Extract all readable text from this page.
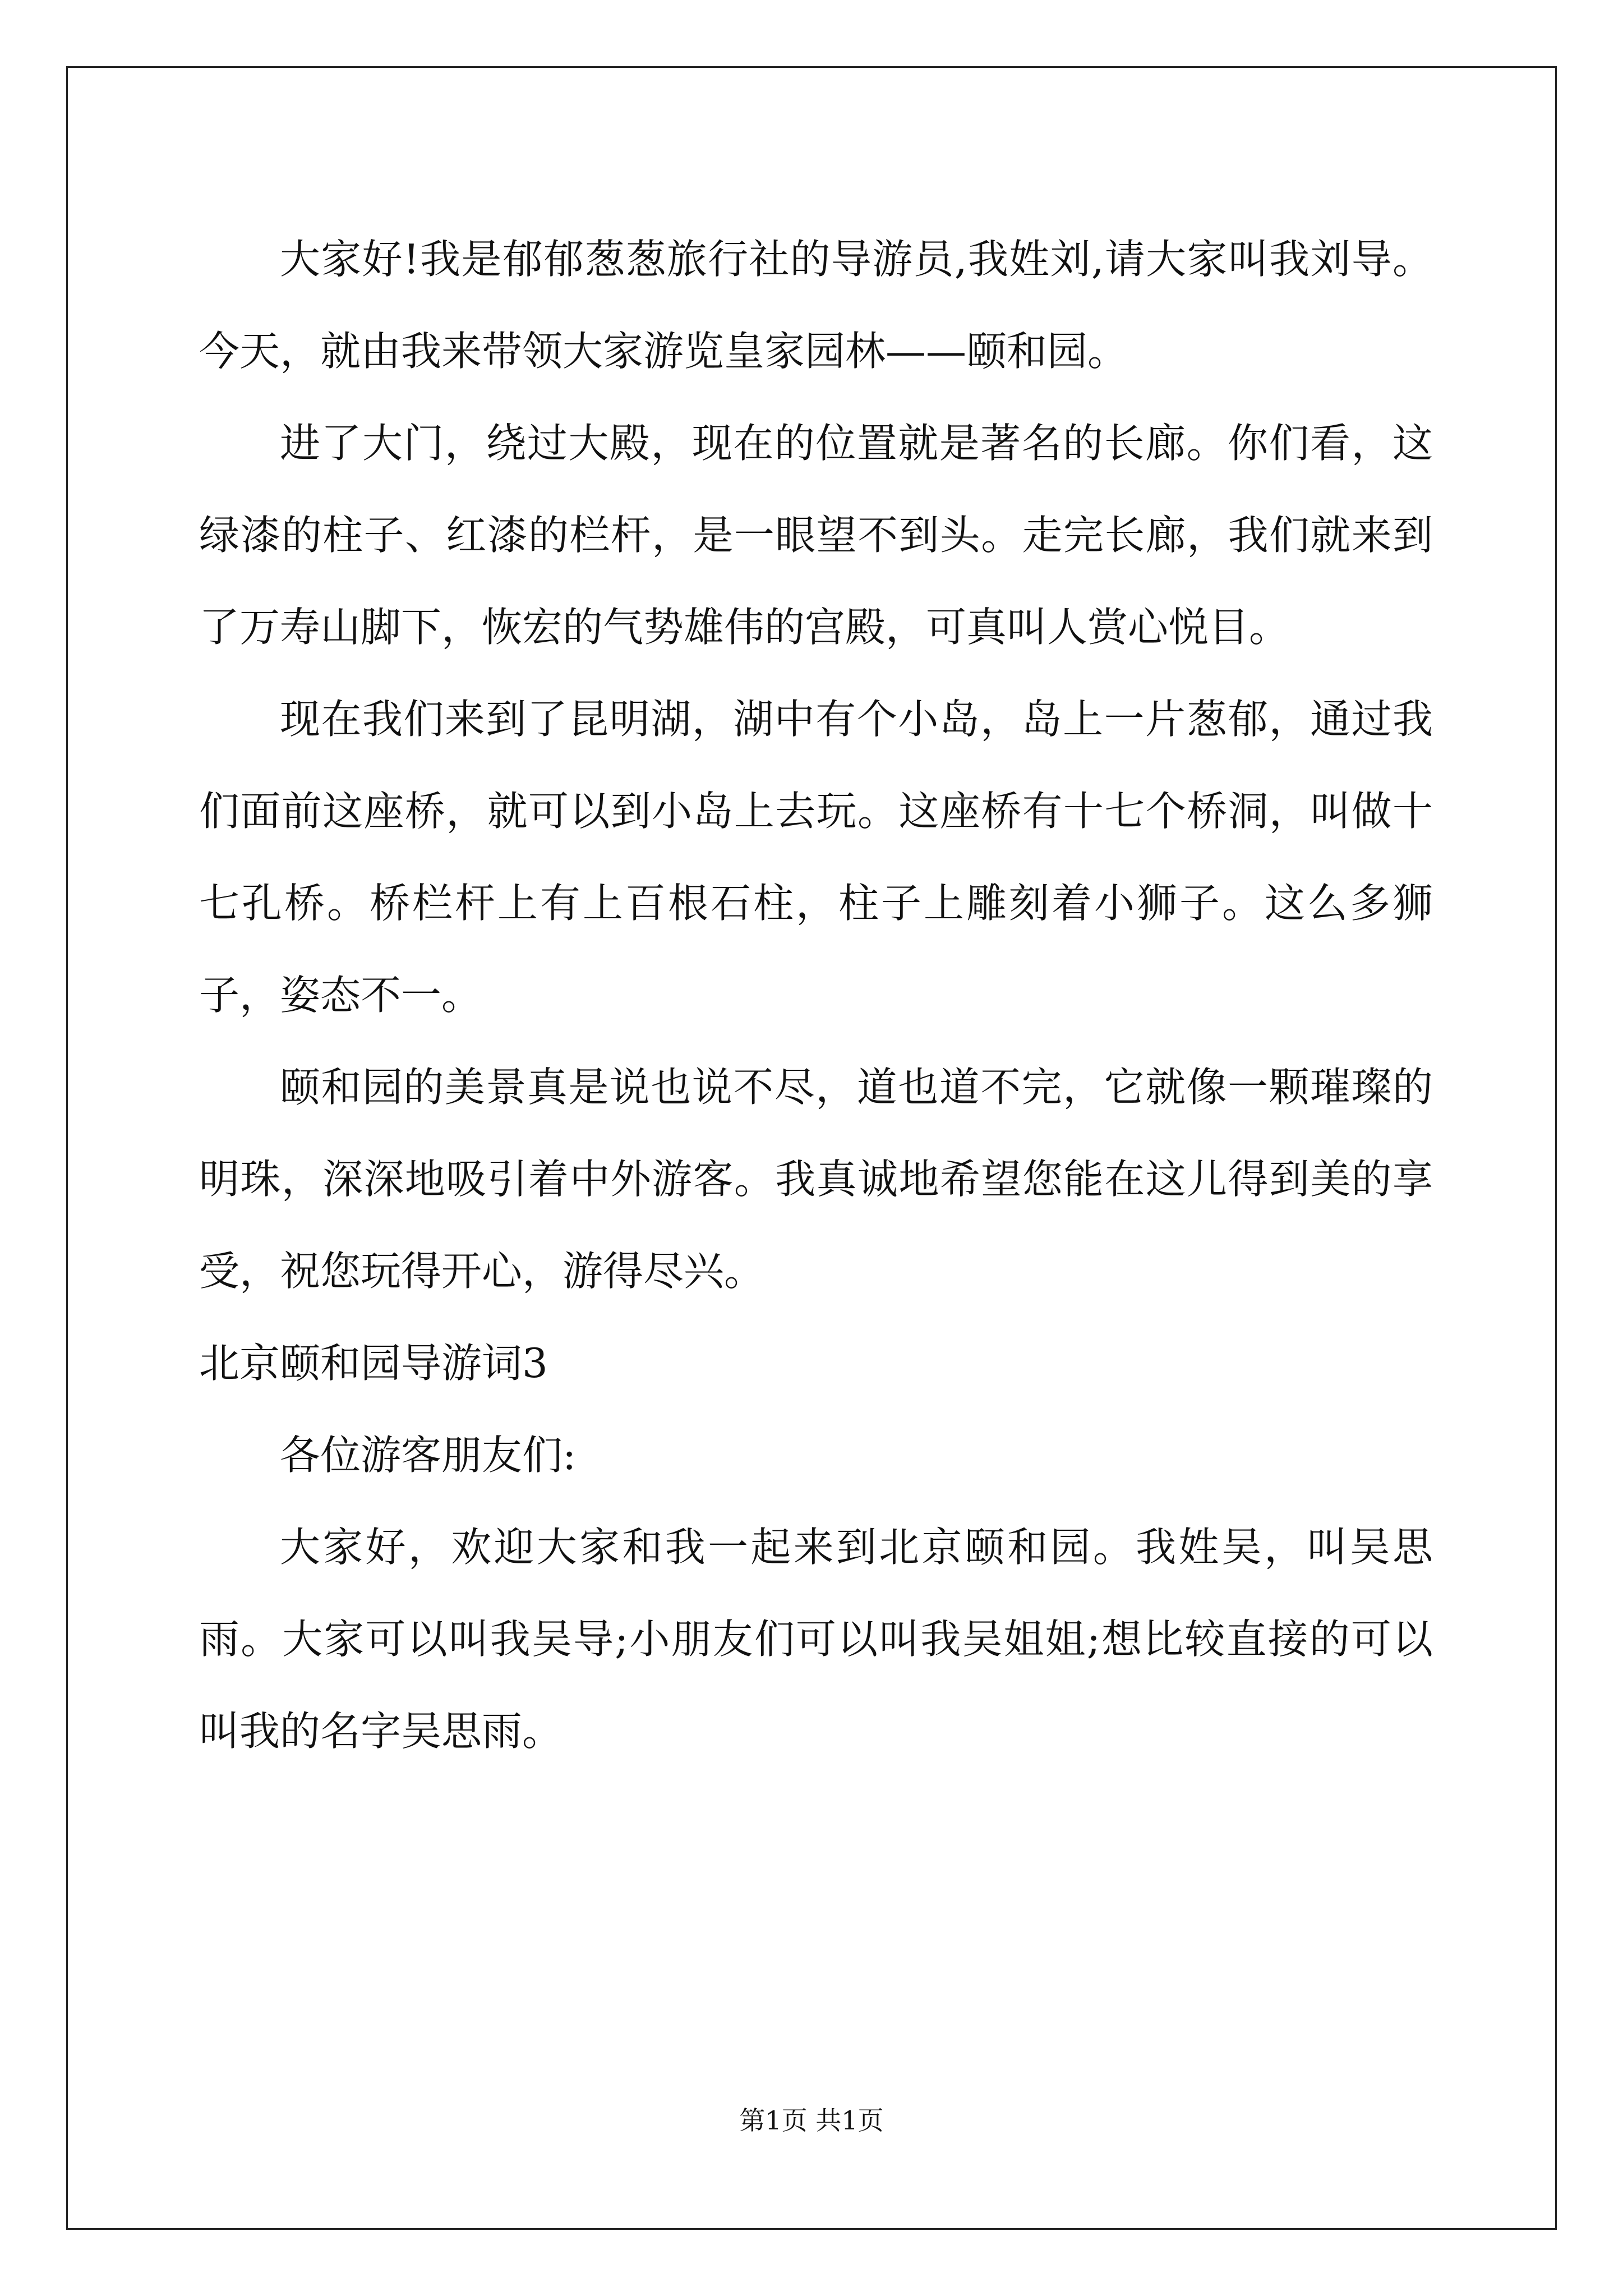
大家好!我是郁郁葱葱旅行社的导游员,我姓刘,请大家叫我刘导。今天，就由我来带领大家游览皇家园林——颐和园。

进了大门，绕过大殿，现在的位置就是著名的长廊。你们看，这绿漆的柱子、红漆的栏杆，是一眼望不到头。走完长廊，我们就来到了万寿山脚下，恢宏的气势雄伟的宫殿，可真叫人赏心悦目。

现在我们来到了昆明湖，湖中有个小岛，岛上一片葱郁，通过我们面前这座桥，就可以到小岛上去玩。这座桥有十七个桥洞，叫做十七孔桥。桥栏杆上有上百根石柱，柱子上雕刻着小狮子。这么多狮子，姿态不一。

颐和园的美景真是说也说不尽，道也道不完，它就像一颗璀璨的明珠，深深地吸引着中外游客。我真诚地希望您能在这儿得到美的享受，祝您玩得开心，游得尽兴。

北京颐和园导游词3

各位游客朋友们:

大家好，欢迎大家和我一起来到北京颐和园。我姓吴，叫吴思雨。大家可以叫我吴导;小朋友们可以叫我吴姐姐;想比较直接的可以叫我的名字吴思雨。

第1页 共1页
